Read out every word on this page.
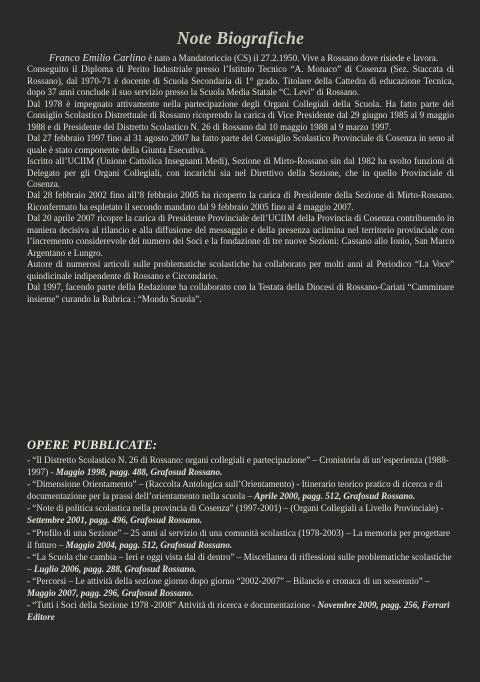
Note Biografiche

Franco Emilio Carlino è nato a Mandatoriccio (CS) il 27.2.1950. Vive a Rossano dove risiede e lavora.

Conseguito il Diploma di Perito Industriale presso l’Istituto Tecnico “A. Monaco” di Cosenza (Sez. Staccata di Rossano), dal 1970-71 è docente di Scuola Secondaria di 1° grado. Titolare della Cattedra di educazione Tecnica, dopo 37 anni conclude il suo servizio presso la Scuola Media Statale “C. Levi” di Rossano.

Dal 1978 è impegnato attivamente nella partecipazione degli Organi Collegiali della Scuola. Ha fatto parte del Consiglio Scolastico Distrettuale di Rossano ricoprendo la carica di Vice Presidente dal 29 giugno 1985 al 9 maggio 1988 e di Presidente del Distretto Scolastico N. 26 di Rossano dal 10 maggio 1988 al 9 marzo 1997.

Dal 27 febbraio 1997 fino al 31 agosto 2007 ha fatto parte del Consiglio Scolastico Provinciale di Cosenza in seno al quale è stato componente della Giunta Esecutiva.

Iscritto all’UCIIM (Unione Cattolica Insegnanti Medi), Sezione di Mirto-Rossano sin dal 1982 ha svolto funzioni di Delegato per gli Organi Collegiali, con incarichi sia nel Direttivo della Sezione, che in quello Provinciale di Cosenza.

Dal 28 febbraio 2002 fino all’8 febbraio 2005 ha ricoperto la carica di Presidente della Sezione di Mirto-Rossano. Riconfermato ha espletato il secondo mandato dal 9 febbraio 2005 fino al 4 maggio 2007.

Dal 20 aprile 2007 ricopre la carica di Presidente Provinciale dell’UCIIM della Provincia di Cosenza contribuendo in maniera decisiva al rilancio e alla diffusione del messaggio e della presenza uciimina nel territorio provinciale con l’incremento considerevole del numero dei Soci e la fondazione di tre nuove Sezioni: Cassano allo Ionio, San Marco Argentano e Lungro.

Autore di numerosi articoli sulle problematiche scolastiche ha collaborato per molti anni al Periodico “La Voce” quindicinale indipendente di Rossano e Circondario.

Dal 1997, facendo parte della Redazione ha collaborato con la Testata della Diocesi di Rossano-Cariati “Camminare insieme” curando la Rubrica : “Mondo Scuola”.

OPERE PUBBLICATE:
- “Il Distretto Scolastico N. 26 di Rossano: organi collegiali e partecipazione” – Cronistoria di un’esperienza (1988-1997) - Maggio 1998, pagg. 488, Grafosud Rossano.
- “Dimensione Orientamento” – (Raccolta Antologica sull’Orientamento) - Itinerario teorico pratico di ricerca e di documentazione per la prassi dell’orientamento nella scuola – Aprile 2000, pagg. 512, Grafosud Rossano.
- “Note di politica scolastica nella provincia di Cosenza” (1997-2001) – (Organi Collegiali a Livello Provinciale) - Settembre 2001, pagg. 496, Grafosud Rossano.
- “Profilo di una Sezione” – 25 anni al servizio di una comunità scolastica (1978-2003) – La memoria per progettare il futuro – Maggio 2004, pagg. 512, Grafosud Rossano.
- “La Scuola che cambia – Ieri e oggi vista dal di dentro” – Miscellanea di riflessioni sulle problematiche scolastiche – Luglio 2006, pagg. 288, Grafosud Rossano.
- “Percorsi – Le attività della sezione giorno dopo giorno “2002-2007” – Bilancio e cronaca di un sessennio” – Maggio 2007, pagg. 296, Grafosud Rossano.
- “Tutti i Soci della Sezione 1978 -2008” Attività di ricerca e documentazione - Novembre 2009, pagg. 256, Ferrari Editore
